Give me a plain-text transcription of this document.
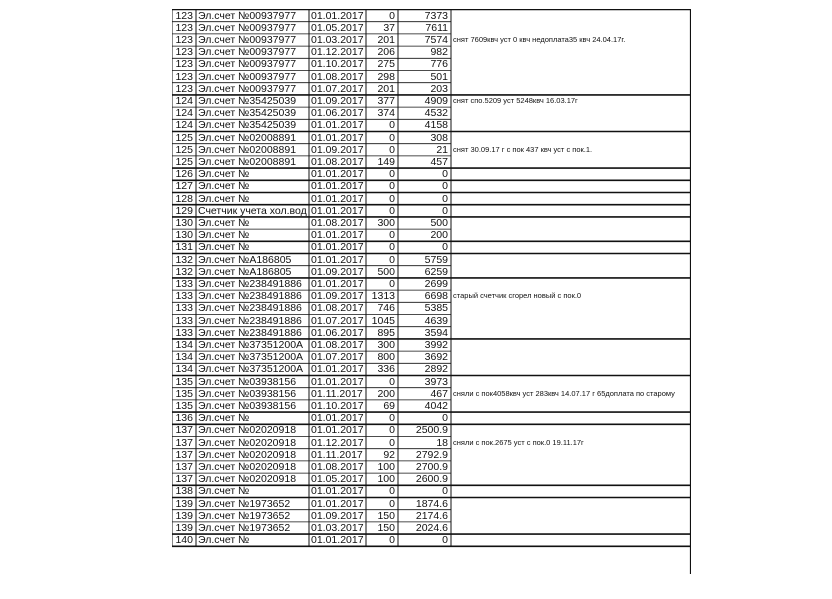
123 Эл.счет №00937977	01.01.2017	0	7373
123 Эл.счет №00937977	01.05.2017	37	7611
123 Эл.счет №00937977	01.03.2017	201	7574 снят 7609квч уст 0 квч недоплата35 квч 24.04.17г.
123 Эл.счет №00937977	01.12.2017	206	982
123 Эл.счет №00937977	01.10.2017	275	776
123 Эл.счет №00937977	01.08.2017	298	501
123 Эл.счет №00937977	01.07.2017	201	203
124 Эл.счет №35425039	01.09.2017	377	4909 снят спо.5209 уст 5248квч 16.03.17г
124 Эл.счет №35425039	01.06.2017	374	4532
124 Эл.счет №35425039	01.01.2017	0	4158
125 Эл.счет №02008891	01.01.2017	0	308
125 Эл.счет №02008891	01.09.2017	0	21 снят 30.09.17 г с пок 437 квч уст с пок.1.
125 Эл.счет №02008891	01.08.2017	149	457
126 Эл.счет №	01.01.2017	0	0
127 Эл.счет №	01.01.2017	0	0
128 Эл.счет №	01.01.2017	0	0
129 Счетчик учета хол.вод 01.01.2017	0	0
130 Эл.счет №	01.08.2017	300	500
130 Эл.счет №	01.01.2017	0	200
131 Эл.счет №	01.01.2017	0	0
132 Эл.счет №А186805	01.01.2017	0	5759
132 Эл.счет №А186805	01.09.2017	500	6259
133 Эл.счет №238491886 01.01.2017	0	2699
133 Эл.счет №238491886 01.09.2017 1313	6698 старый счетчик сгорел новый с пок.0
133 Эл.счет №238491886 01.08.2017	746	5385
133 Эл.счет №238491886 01.07.2017 1045	4639
133 Эл.счет №238491886 01.06.2017	895	3594
134 Эл.счет №37351200А 01.08.2017	300	3992
134 Эл.счет №37351200А 01.07.2017	800	3692
134 Эл.счет №37351200А 01.01.2017	336	2892
135 Эл.счет №03938156	01.01.2017	0	3973
135 Эл.счет №03938156	01.11.2017	200	467 сняли с пок4058квч уст 283квч 14.07.17 г 65доплата по старому
135 Эл.счет №03938156	01.10.2017	69	4042
136 Эл.счет №	01.01.2017	0	0
137 Эл.счет №02020918	01.01.2017	0	2500.9
137 Эл.счет №02020918	01.12.2017	0	18 сняли с пок.2675 уст с пок.0 19.11.17г
137 Эл.счет №02020918	01.11.2017	92	2792.9
137 Эл.счет №02020918	01.08.2017	100	2700.9
137 Эл.счет №02020918	01.05.2017	100	2600.9
138 Эл.счет №	01.01.2017	0	0
139 Эл.счет №1973652	01.01.2017	0	1874.6
139 Эл.счет №1973652	01.09.2017	150	2174.6
139 Эл.счет №1973652	01.03.2017	150	2024.6
140 Эл.счет №	01.01.2017	0	0
